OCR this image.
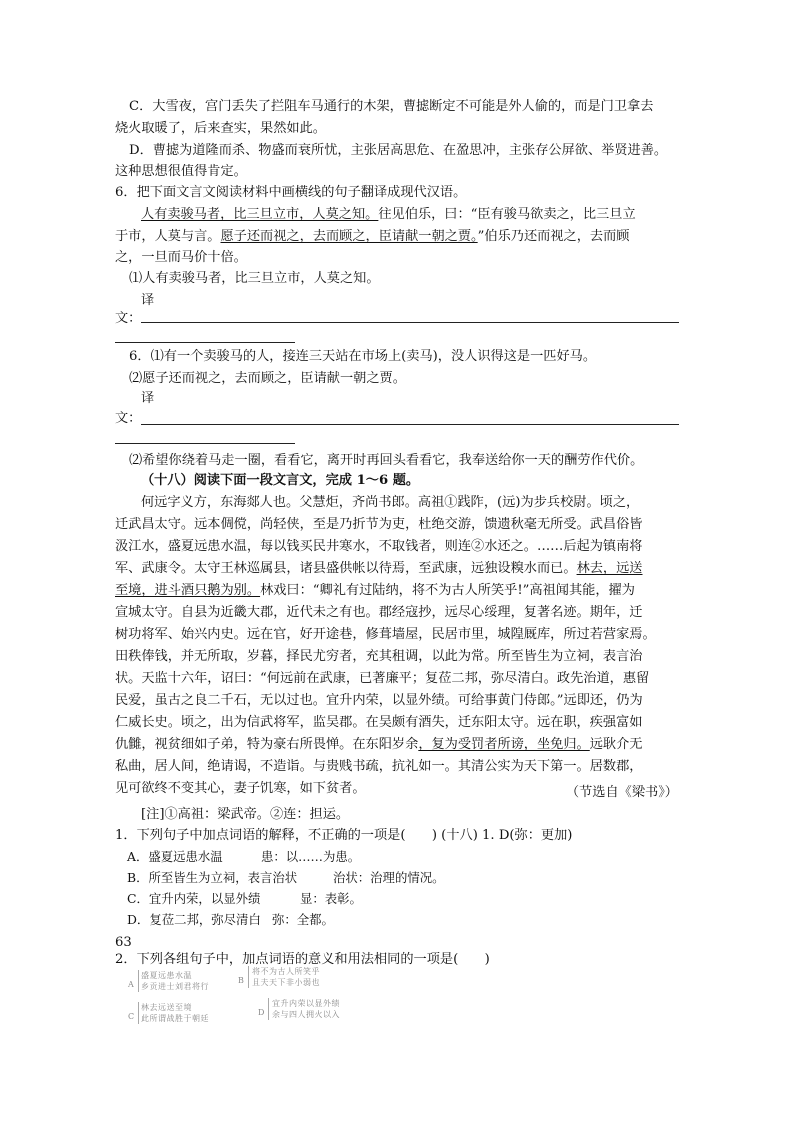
C．大雪夜，宫门丢失了拦阻车马通行的木架，曹摅断定不可能是外人偷的，而是门卫拿去
烧火取暖了，后来查实，果然如此。
D．曹摅为道隆而杀、物盛而衰所忧，主张居高思危、在盈思冲，主张存公屏欲、举贤进善。
这种思想很值得肯定。
6．把下面文言文阅读材料中画横线的句子翻译成现代汉语。
人有卖骏马者，比三旦立市，人莫之知。往见伯乐，曰：“臣有骏马欲卖之，比三旦立
于市，人莫与言。愿子还而视之，去而顾之，臣请献一朝之贾。”伯乐乃还而视之，去而顾
之，一旦而马价十倍。
⑴人有卖骏马者，比三旦立市，人莫之知。
译
文：
6．⑴有一个卖骏马的人，接连三天站在市场上(卖马)，没人识得这是一匹好马。
⑵愿子还而视之，去而顾之，臣请献一朝之贾。
译
文：
⑵希望你绕着马走一圈，看看它，离开时再回头看看它，我奉送给你一天的酬劳作代价。
（十八）阅读下面一段文言文，完成 1～6 题。
何远字义方，东海郯人也。父慧炬，齐尚书郎。高祖①践阼，(远)为步兵校尉。顷之，
迁武昌太守。远本倜傥，尚轻侠，至是乃折节为吏，杜绝交游，馈遗秋毫无所受。武昌俗皆
汲江水，盛夏远患水温，每以钱买民井寒水，不取钱者，则连②水还之。……后起为镇南将
军、武康令。太守王林巡属县，诸县盛供帐以待焉，至武康，远独设糗水而已。林去，远送
至境，进斗酒只鹅为别。林戏曰：“卿礼有过陆纳，将不为古人所笑乎!”高祖闻其能，擢为
宣城太守。自县为近畿大郡，近代未之有也。郡经寇抄，远尽心绥理，复著名迹。期年，迁
树功将军、始兴内史。远在官，好开途巷，修葺墙屋，民居市里，城隍厩库，所过若营家焉。
田秩俸钱，并无所取，岁暮，择民尤穷者，充其租调，以此为常。所至皆生为立祠，表言治
状。天监十六年，诏曰：“何远前在武康，已著廉平；复莅二邦，弥尽清白。政先治道，惠留
民爱，虽古之良二千石，无以过也。宜升内荣，以显外绩。可给事黄门侍郎。”远即还，仍为
仁威长史。顷之，出为信武将军，监吴郡。在吴颇有酒失，迁东阳太守。远在职，疾强富如
仇雠，视贫细如子弟，特为豪右所畏惮。在东阳岁余，复为受罚者所谤，坐免归。远耿介无
私曲，居人间，绝请谒，不造诣。与贵贱书疏，抗礼如一。其清公实为天下第一。居数郡，
见可欲终不变其心，妻子饥寒，如下贫者。	（节选自《梁书》）
[注]①高祖：梁武帝。②连：担运。
1．下列句子中加点词语的解释，不正确的一项是(　　) (十八) 1. D(弥：更加)
A．盛夏远患水温	患：以……为患。
B．所至皆生为立祠，表言治状	治状：治理的情况。
C．宜升内荣，以显外绩	显：表彰。
D．复莅二邦，弥尽清白 弥：全都。
63
2．下列各组句子中，加点词语的意义和用法相同的一项是(　　)
A
盛夏远患水温
乡贡进士刘君将行
B
将不为古人所笑乎
且夫天下非小弱也
C
林去远送至境
此所谓战胜于朝廷
D
宜升内荣以显外绩
余与四人拥火以入
